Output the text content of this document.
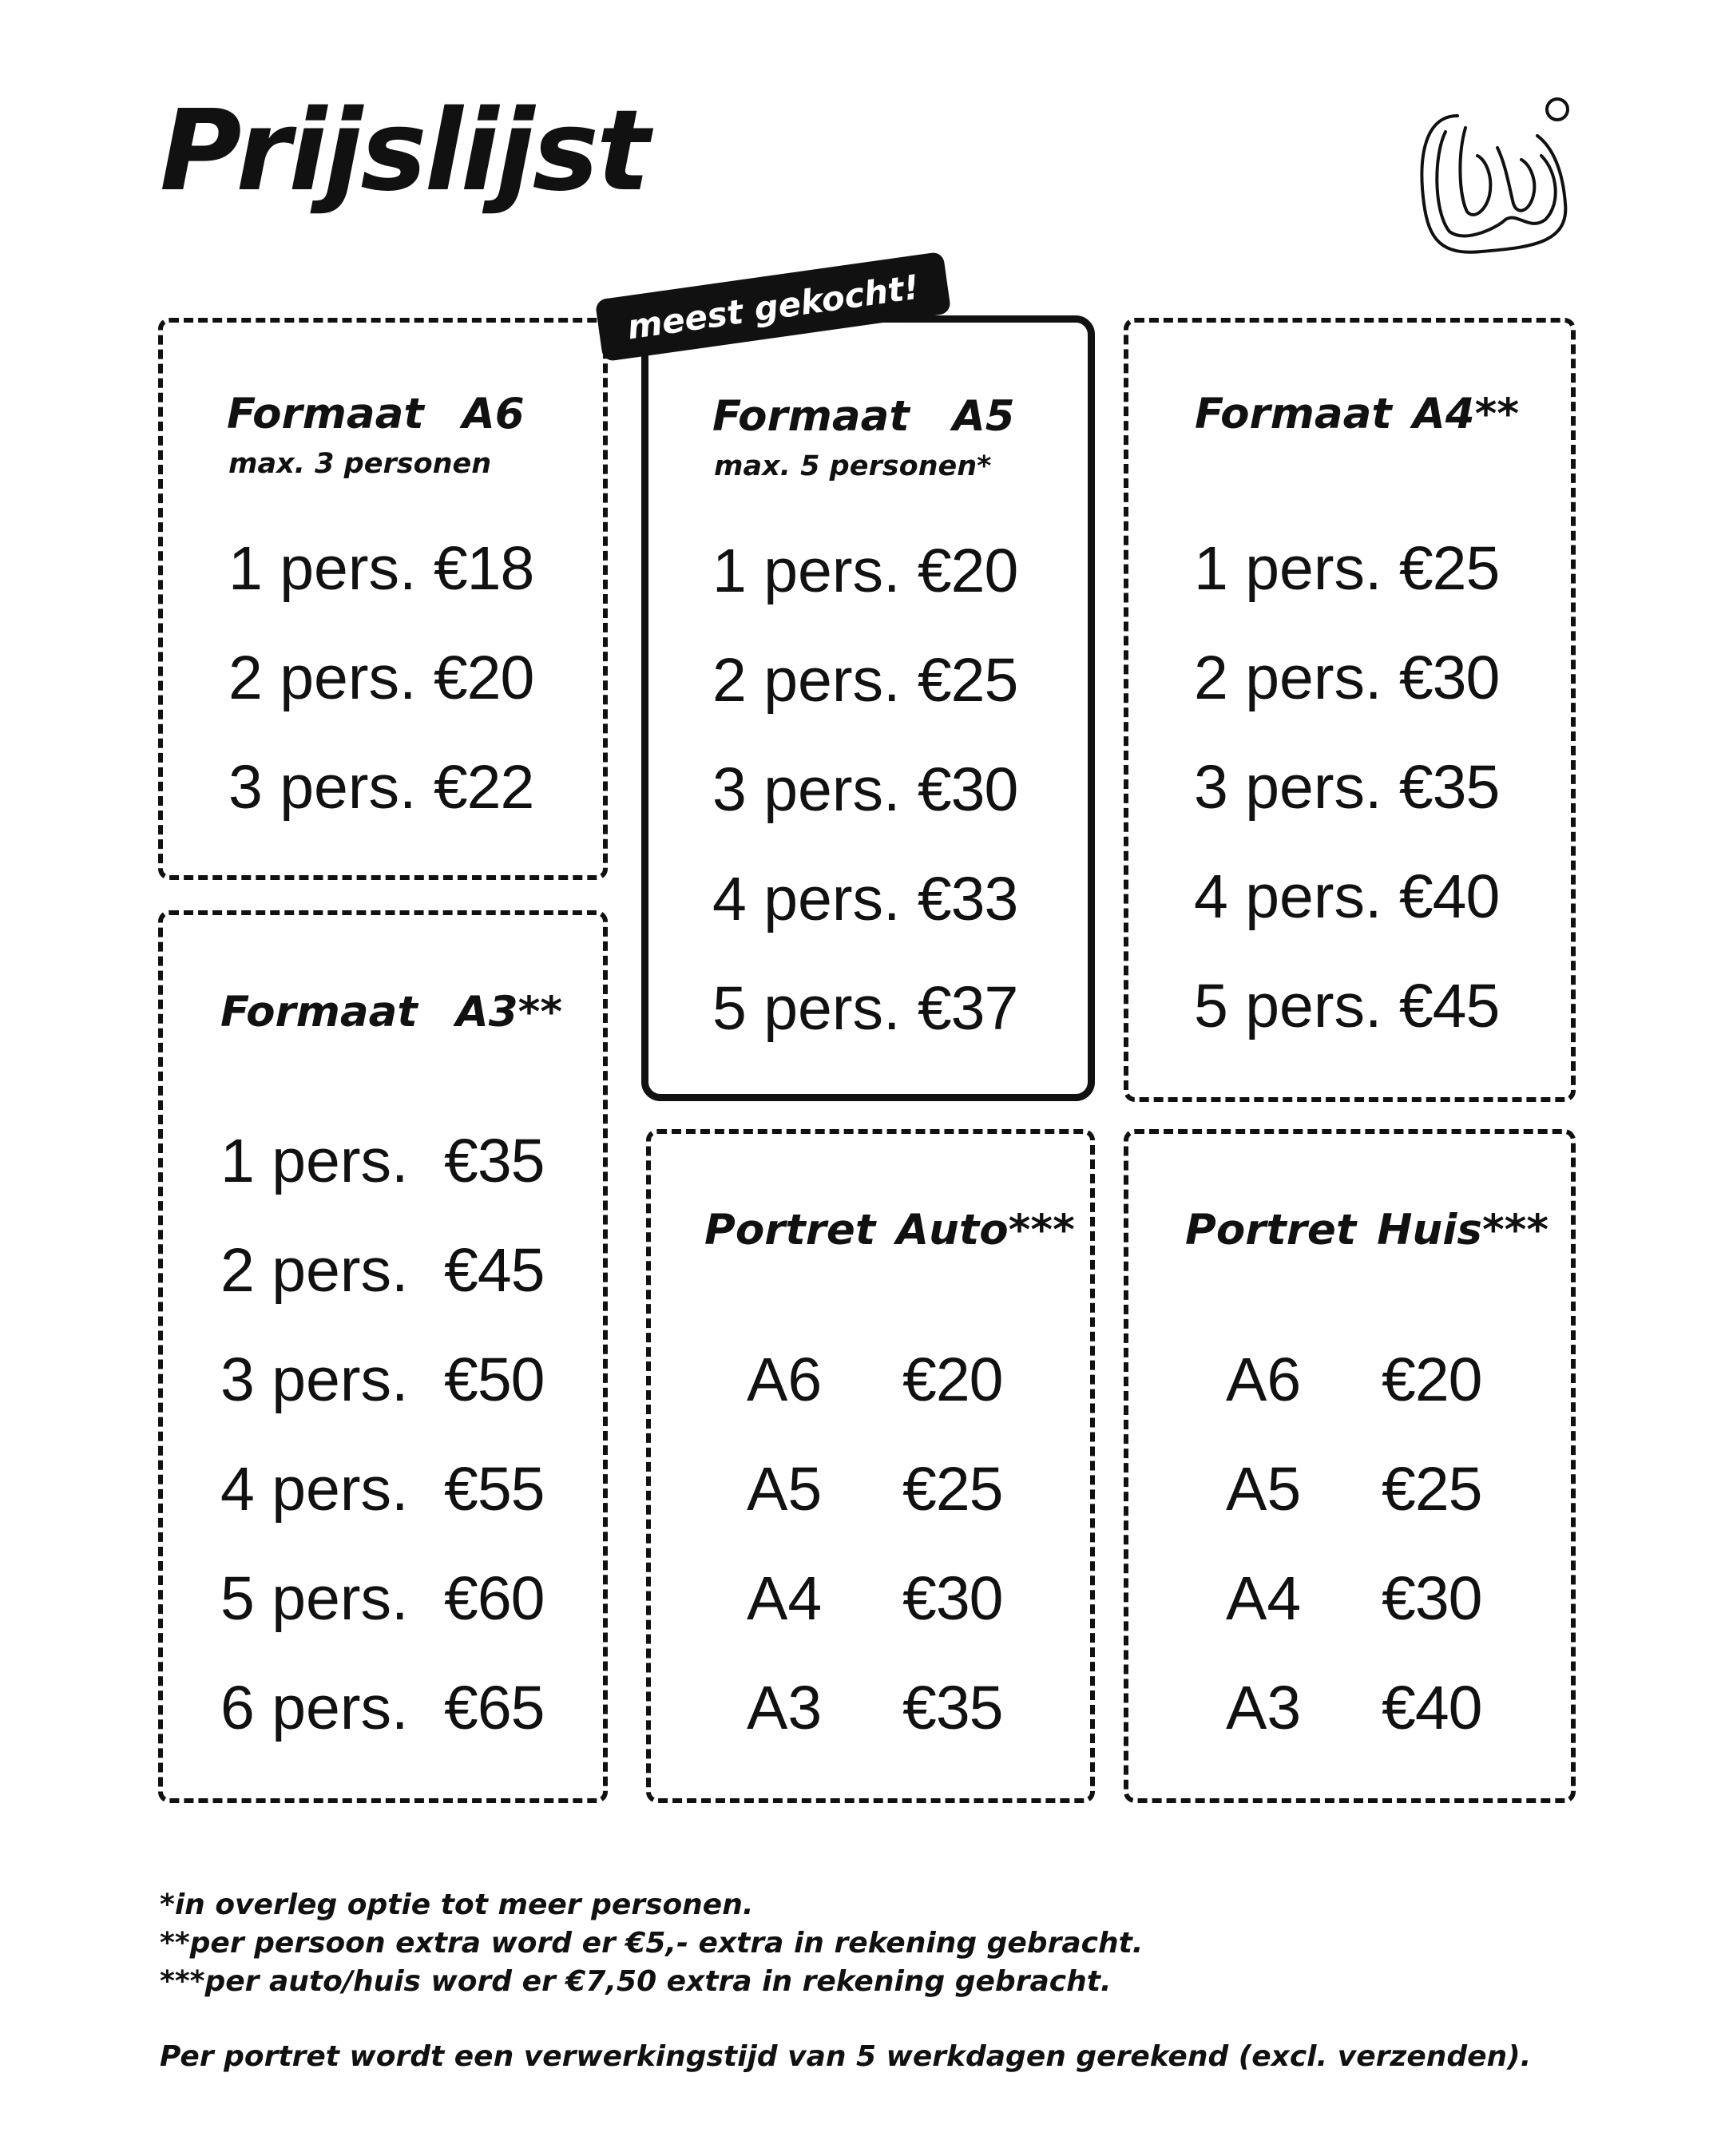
Prijslijst
Formaat A6
max. 3 personen
1 pers. €18
2 pers. €20
3 pers. €22
Formaat A5
max. 5 personen*
1 pers. €20
2 pers. €25
3 pers. €30
4 pers. €33
5 pers. €37
meest gekocht!
Formaat A4**
1 pers. €25
2 pers. €30
3 pers. €35
4 pers. €40
5 pers. €45
Formaat A3**
1 pers. €35
2 pers. €45
3 pers. €50
4 pers. €55
5 pers. €60
6 pers. €65
Portret Auto***
A6 €20
A5 €25
A4 €30
A3 €35
Portret Huis***
A6 €20
A5 €25
A4 €30
A3 €40
*in overleg optie tot meer personen.
**per persoon extra word er €5,- extra in rekening gebracht.
***per auto/huis word er €7,50 extra in rekening gebracht.
Per portret wordt een verwerkingstijd van 5 werkdagen gerekend (excl. verzenden).
